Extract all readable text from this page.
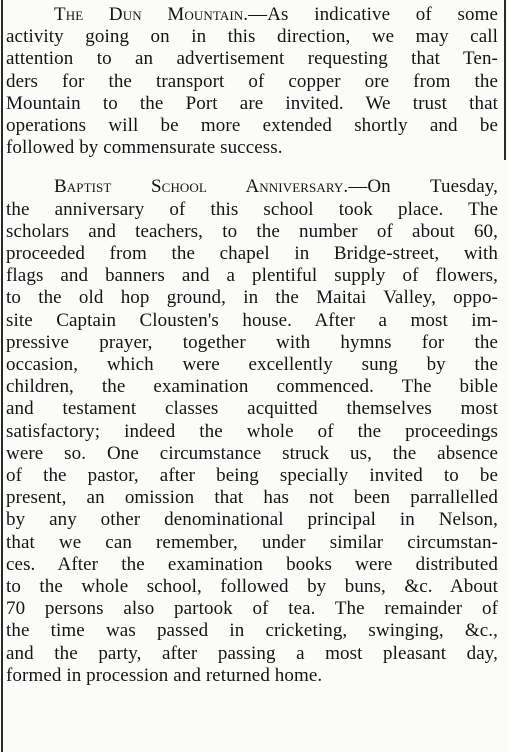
The Dun Mountain.—As indicative of some
activity going on in this direction, we may call
attention to an advertisement requesting that Ten-
ders for the transport of copper ore from the
Mountain to the Port are invited. We trust that
operations will be more extended shortly and be
followed by commensurate success.
Baptist School Anniversary.—On Tuesday,
the anniversary of this school took place. The
scholars and teachers, to the number of about 60,
proceeded from the chapel in Bridge-street, with
flags and banners and a plentiful supply of flowers,
to the old hop ground, in the Maitai Valley, oppo-
site Captain Clousten's house. After a most im-
pressive prayer, together with hymns for the
occasion, which were excellently sung by the
children, the examination commenced. The bible
and testament classes acquitted themselves most
satisfactory; indeed the whole of the proceedings
were so. One circumstance struck us, the absence
of the pastor, after being specially invited to be
present, an omission that has not been parrallelled
by any other denominational principal in Nelson,
that we can remember, under similar circumstan-
ces. After the examination books were distributed
to the whole school, followed by buns, &c. About
70 persons also partook of tea. The remainder of
the time was passed in cricketing, swinging, &c.,
and the party, after passing a most pleasant day,
formed in procession and returned home.
